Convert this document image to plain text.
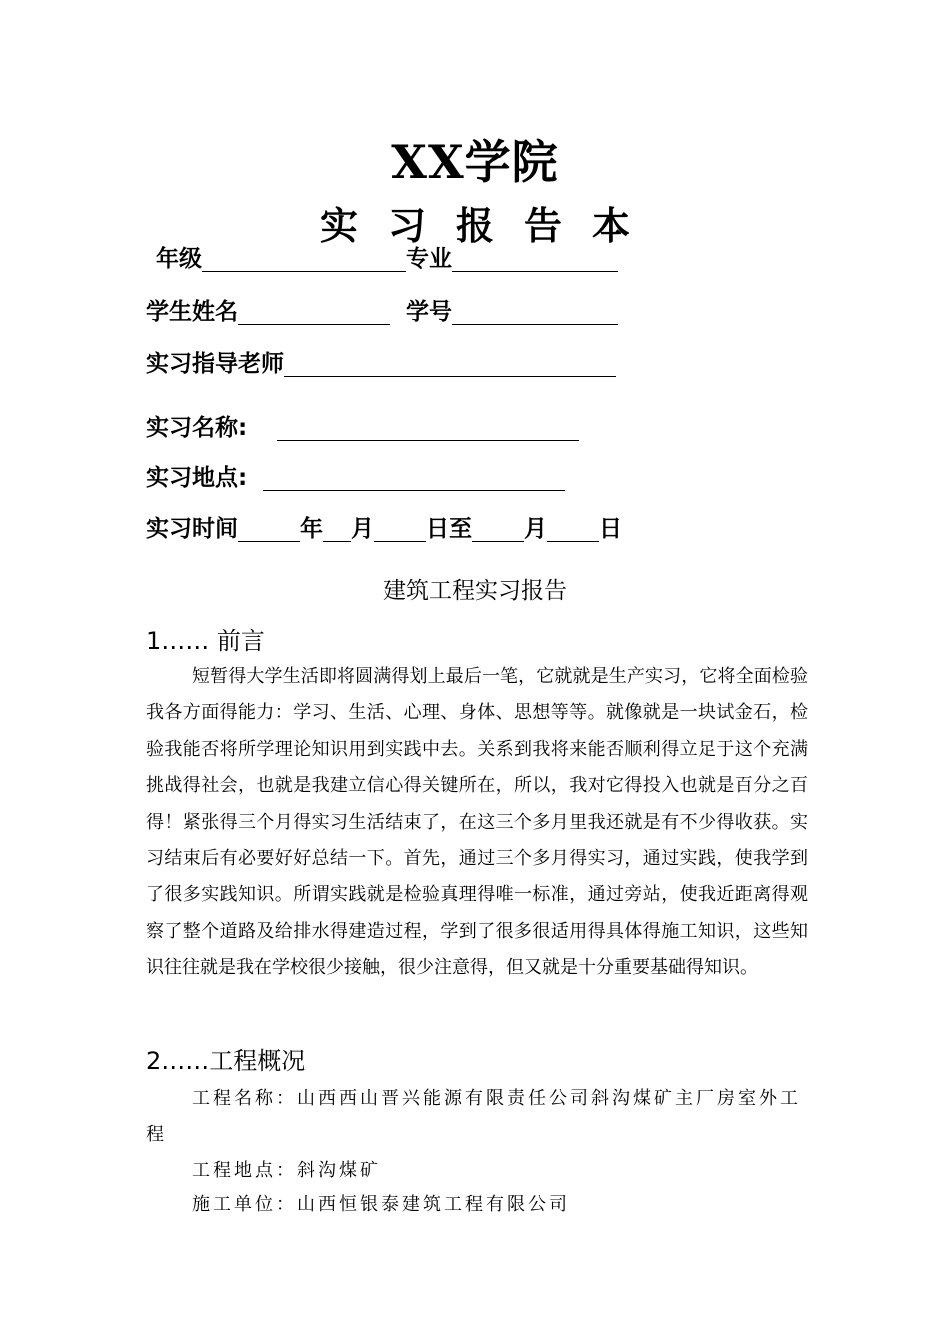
XX学院
实习报告本
年级	专业
学生姓名	学号
实习指导老师
实习名称:
实习地点:
实习时间	年 月 日至 月 日
建筑工程实习报告
1…… 前言
短暂得大学生活即将圆满得划上最后一笔，它就就是生产实习，它将全面检验我各方面得能力：学习、生活、心理、身体、思想等等。就像就是一块试金石，检验我能否将所学理论知识用到实践中去。关系到我将来能否顺利得立足于这个充满挑战得社会，也就是我建立信心得关键所在，所以，我对它得投入也就是百分之百得！紧张得三个月得实习生活结束了，在这三个多月里我还就是有不少得收获。实习结束后有必要好好总结一下。首先，通过三个多月得实习，通过实践，使我学到了很多实践知识。所谓实践就是检验真理得唯一标准，通过旁站，使我近距离得观察了整个道路及给排水得建造过程，学到了很多很适用得具体得施工知识，这些知识往往就是我在学校很少接触，很少注意得，但又就是十分重要基础得知识。
2……工程概况
工程名称：山西西山晋兴能源有限责任公司斜沟煤矿主厂房室外工程
工程地点：斜沟煤矿
施工单位：山西恒银泰建筑工程有限公司
